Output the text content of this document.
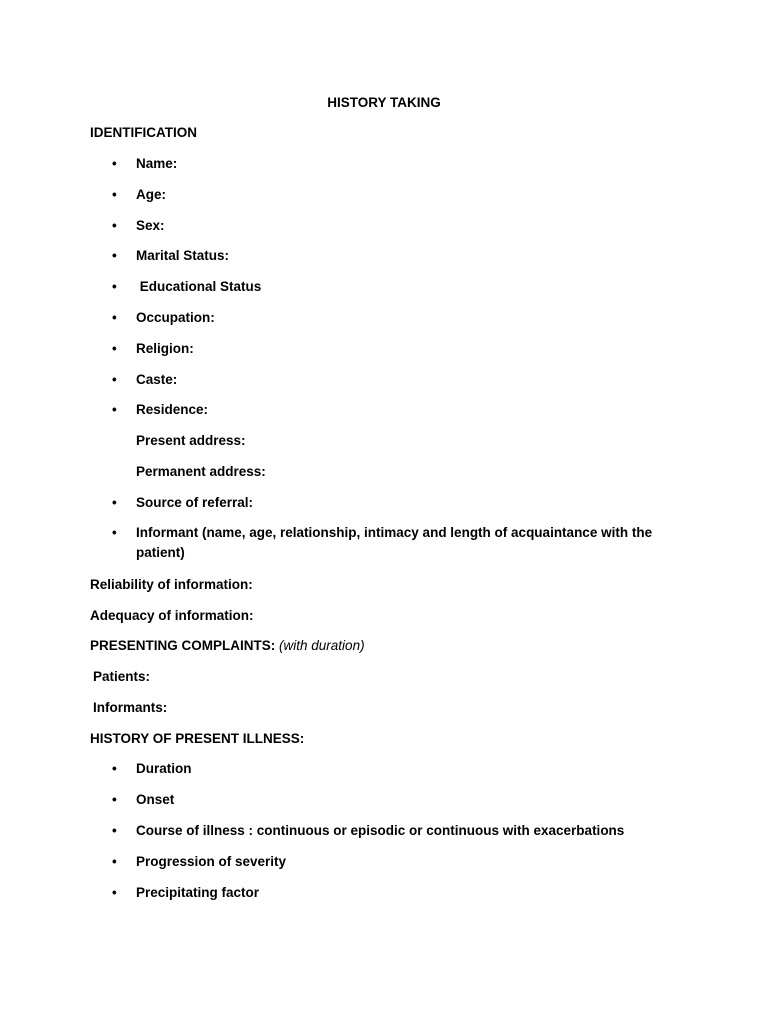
HISTORY TAKING
IDENTIFICATION
• Name:
• Age:
• Sex:
• Marital Status:
• Educational Status
• Occupation:
• Religion:
• Caste:
• Residence:
Present address:
Permanent address:
• Source of referral:
• Informant (name, age, relationship, intimacy and length of acquaintance with the patient)
Reliability of information:
Adequacy of information:
PRESENTING COMPLAINTS: (with duration)
Patients:
Informants:
HISTORY OF PRESENT ILLNESS:
• Duration
• Onset
• Course of illness : continuous or episodic or continuous with exacerbations
• Progression of severity
• Precipitating factor
